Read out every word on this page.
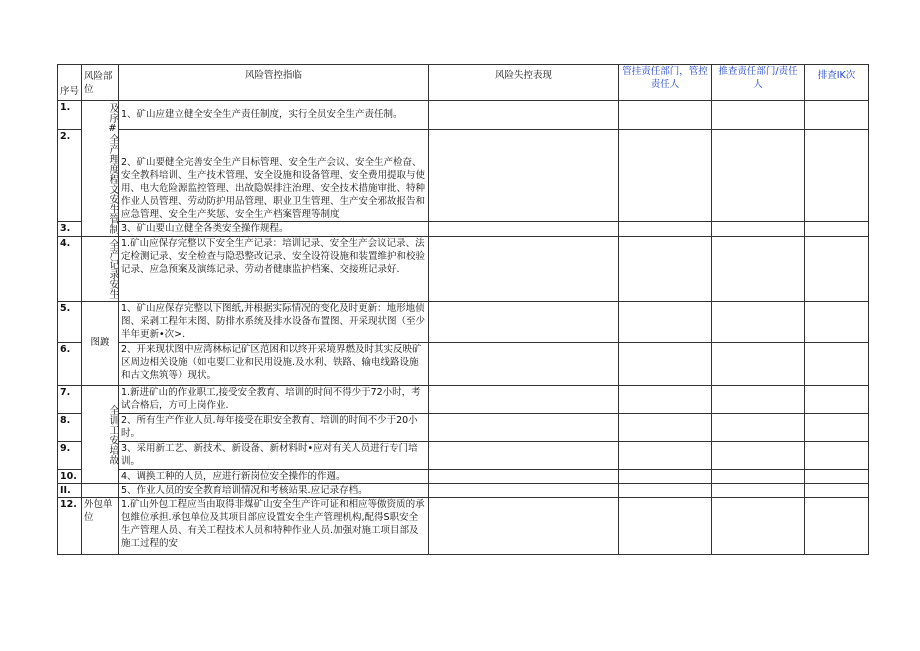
序号	风险部位	风险管控指临	风险失控表现	管挂责任部门，管控责任人	推查责任部门/责任人	排査IK次
1.	及序#全产理度程文安生管制	1、矿山应建立健全安全生产责任制度，实行全员安全生产责任制。				
2.		2、矿山要健全完善安全生产目标管理、安全生产会议、安全生产检奋、安全教科培训、生产技术管理、安全设施和设备管理、安全费用提取与使用、电大危险源监控管理、出故隐娱排注治理、安全技术措施审批、特种作业人员管理、劳动防护用品管理、职业卫生管理、生产安全邪故报告和应急管理、安全生产奖惩、安全生产档案管理等制度				
3.		3、矿山要山立健全各类安全操作规程。				
4.	全产记录安生	1.矿山应保存完整以下安全生产记录：培训记录、安全生产会议记录、法定检测记录、安全检查与隐恐整改记录、安全设符设施和装置维护和校验记录、应急预案及演练记录、劳动者健康监护档案、交接班记录好.				
5.	图踱	1、矿山应保存完整以下图纸,并根据实际情况的变化及时更新：地形地侦图、采剥工程年末图、防排水系统及排水设备布置图、开采现状图（至少半年更新•次>.				
6.		2、开来现状图中应湾林标记矿区范困和以终开采境界燃及时其实反映矿区周边相关设施（如屯要匚业和民用设施.及水利、铁路、输电线路设施和古文焦筑等）现状。				
7.	全训工安培故	1.新进矿山的作业职工,接受安全教育、培训的时间不得少于72小时，考试合格后，方可上岗作业.				
8.		2、所有生产作业人员.每年接受在职安全教育、培训的时间不少于20小时。				
9.		3、采用新工艺、新技术、新设备、新材料时•应对有关人员进行专门培训。				
10.		4、调换工种的人员，应进行新岗位安全操作的作週。				
II.		5、作业人员的安全教育培训情况和考核站果.应记录存档。				
12.	外包单位	1.矿山外包工程应当由取得非煤矿山安全生产许可证和相应等傲资质的承包維位承担.承包单位及其项目部应设置安全生产管理机构,配得S职安全生产管理人员、有关工程技术人员和特种作业人员.加强对施工项目部及施工过程的安				
